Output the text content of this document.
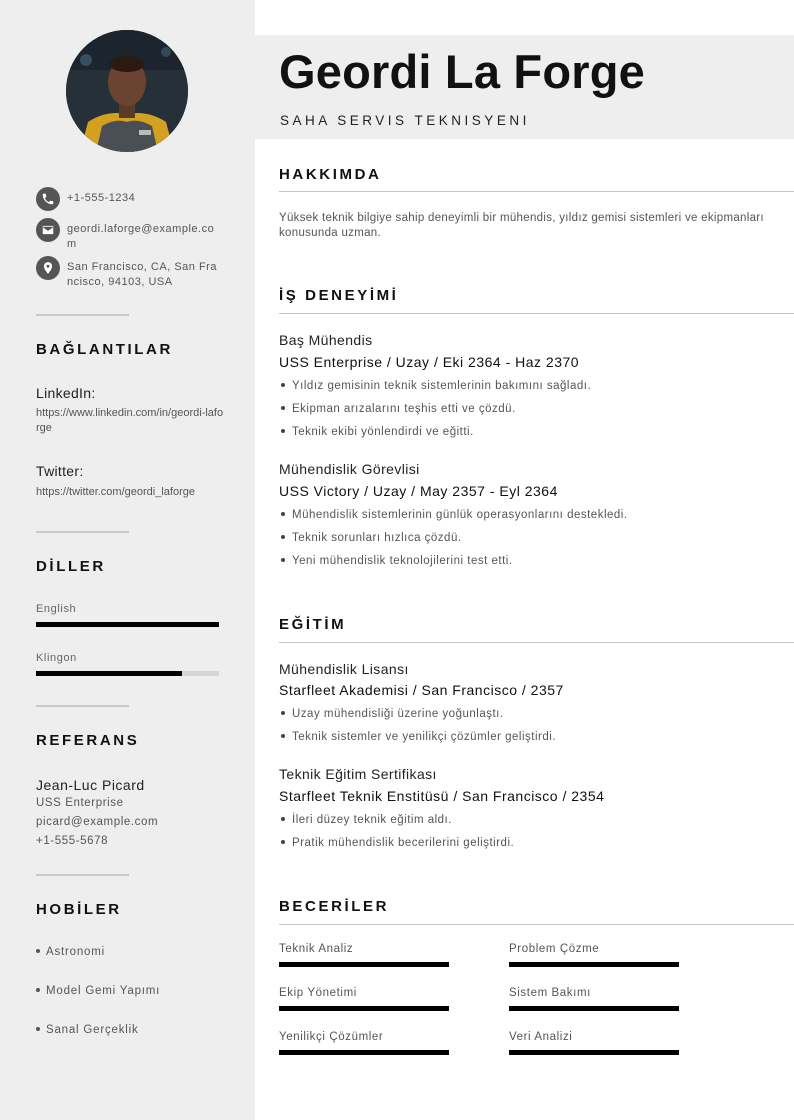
+1-555-1234
geordi.laforge@example.com
San Francisco, CA, San Francisco, 94103, USA
BAĞLANTILAR
LinkedIn:
https://www.linkedin.com/in/geordi-laforge
Twitter:
https://twitter.com/geordi_laforge
DİLLER
English
Klingon
REFERANS
Jean-Luc Picard
USS Enterprise
picard@example.com
+1-555-5678
HOBİLER
Astronomi
Model Gemi Yapımı
Sanal Gerçeklik
Geordi La Forge
SAHA SERVIS TEKNISYENI
HAKKIMDA
Yüksek teknik bilgiye sahip deneyimli bir mühendis, yıldız gemisi sistemleri ve ekipmanları konusunda uzman.
İŞ DENEYİMİ
Baş Mühendis
USS Enterprise / Uzay / Eki 2364 - Haz 2370
Yıldız gemisinin teknik sistemlerinin bakımını sağladı.
Ekipman arızalarını teşhis etti ve çözdü.
Teknik ekibi yönlendirdi ve eğitti.
Mühendislik Görevlisi
USS Victory / Uzay / May 2357 - Eyl 2364
Mühendislik sistemlerinin günlük operasyonlarını destekledi.
Teknik sorunları hızlıca çözdü.
Yeni mühendislik teknolojilerini test etti.
EĞİTİM
Mühendislik Lisansı
Starfleet Akademisi / San Francisco / 2357
Uzay mühendisliği üzerine yoğunlaştı.
Teknik sistemler ve yenilikçi çözümler geliştirdi.
Teknik Eğitim Sertifikası
Starfleet Teknik Enstitüsü / San Francisco / 2354
İleri düzey teknik eğitim aldı.
Pratik mühendislik becerilerini geliştirdi.
BECERİLER
Teknik Analiz	Problem Çözme
Ekip Yönetimi	Sistem Bakımı
Yenilikçi Çözümler	Veri Analizi
